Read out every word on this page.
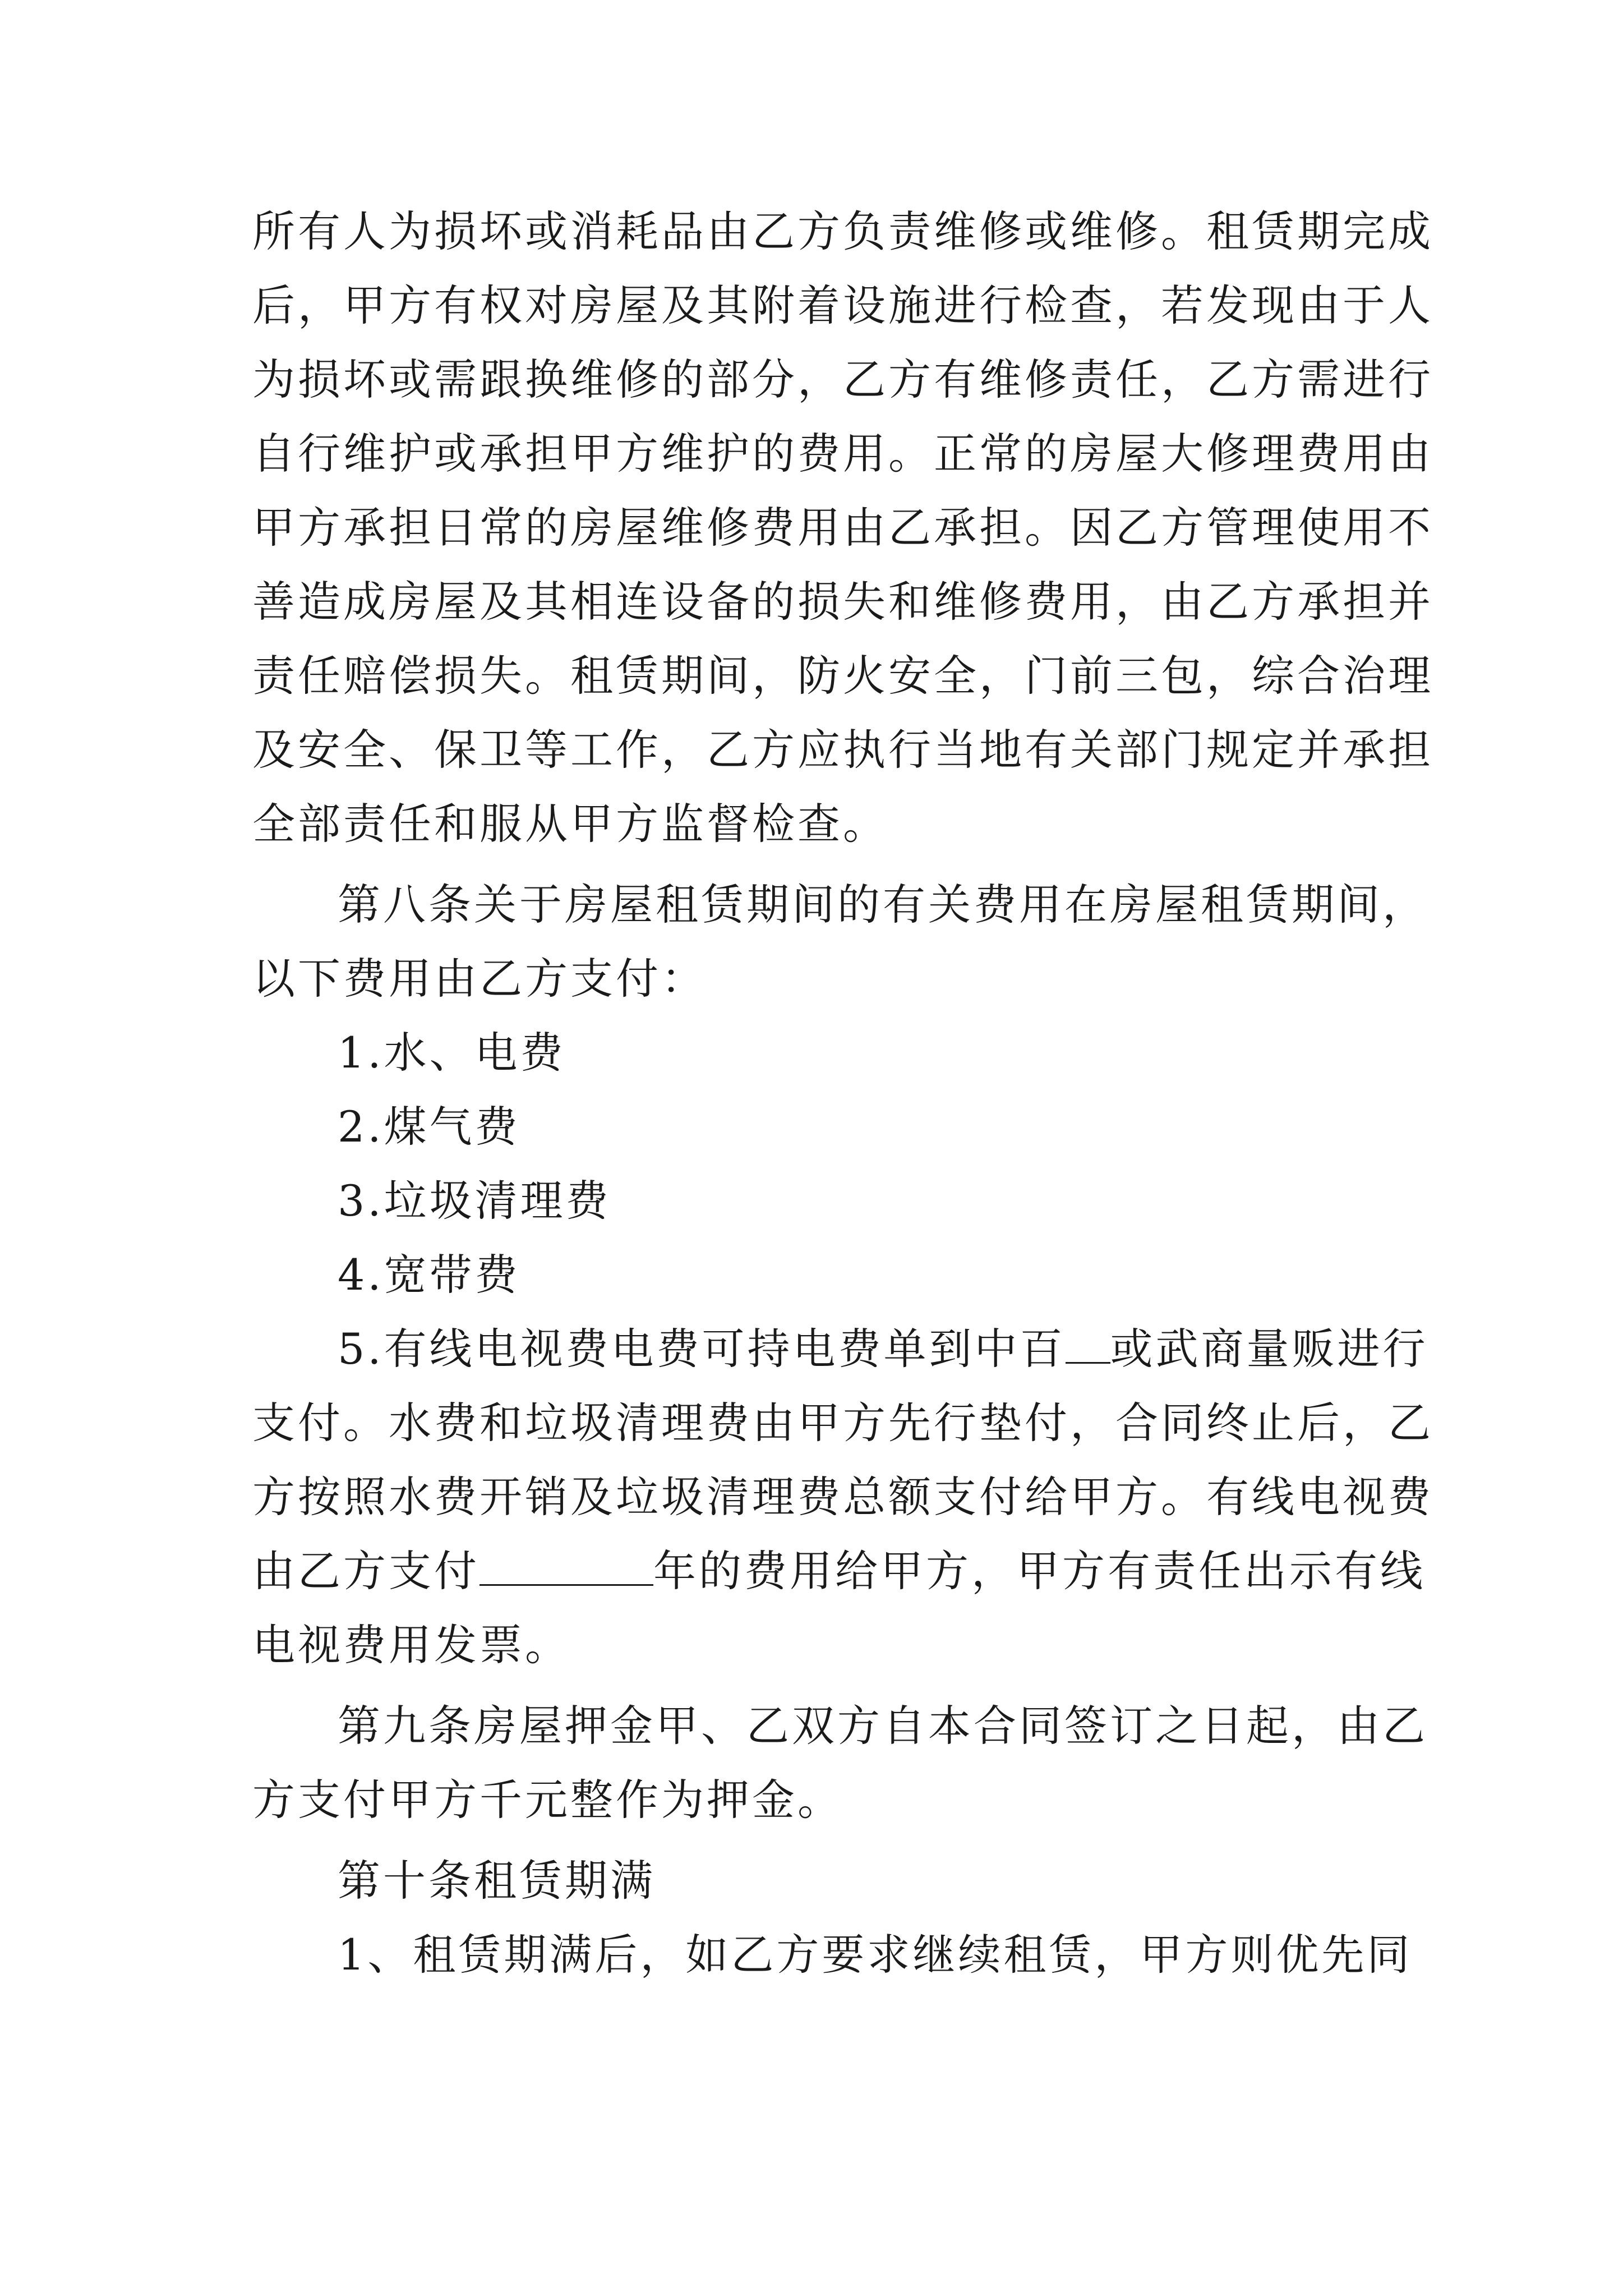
所有人为损坏或消耗品由乙方负责维修或维修。租赁期完成
后，甲方有权对房屋及其附着设施进行检查，若发现由于人
为损坏或需跟换维修的部分，乙方有维修责任，乙方需进行
自行维护或承担甲方维护的费用。正常的房屋大修理费用由
甲方承担日常的房屋维修费用由乙承担。因乙方管理使用不
善造成房屋及其相连设备的损失和维修费用，由乙方承担并
责任赔偿损失。租赁期间，防火安全，门前三包，综合治理
及安全、保卫等工作，乙方应执行当地有关部门规定并承担
全部责任和服从甲方监督检查。
第八条关于房屋租赁期间的有关费用在房屋租赁期间，
以下费用由乙方支付：
1.水、电费
2.煤气费
3.垃圾清理费
4.宽带费
5.有线电视费电费可持电费单到中百 或武商量贩进行
支付。水费和垃圾清理费由甲方先行垫付，合同终止后，乙
方按照水费开销及垃圾清理费总额支付给甲方。有线电视费
由乙方支付	年的费用给甲方，甲方有责任出示有线
电视费用发票。
第九条房屋押金甲、乙双方自本合同签订之日起，由乙
方支付甲方千元整作为押金。
第十条租赁期满
1、租赁期满后，如乙方要求继续租赁，甲方则优先同
